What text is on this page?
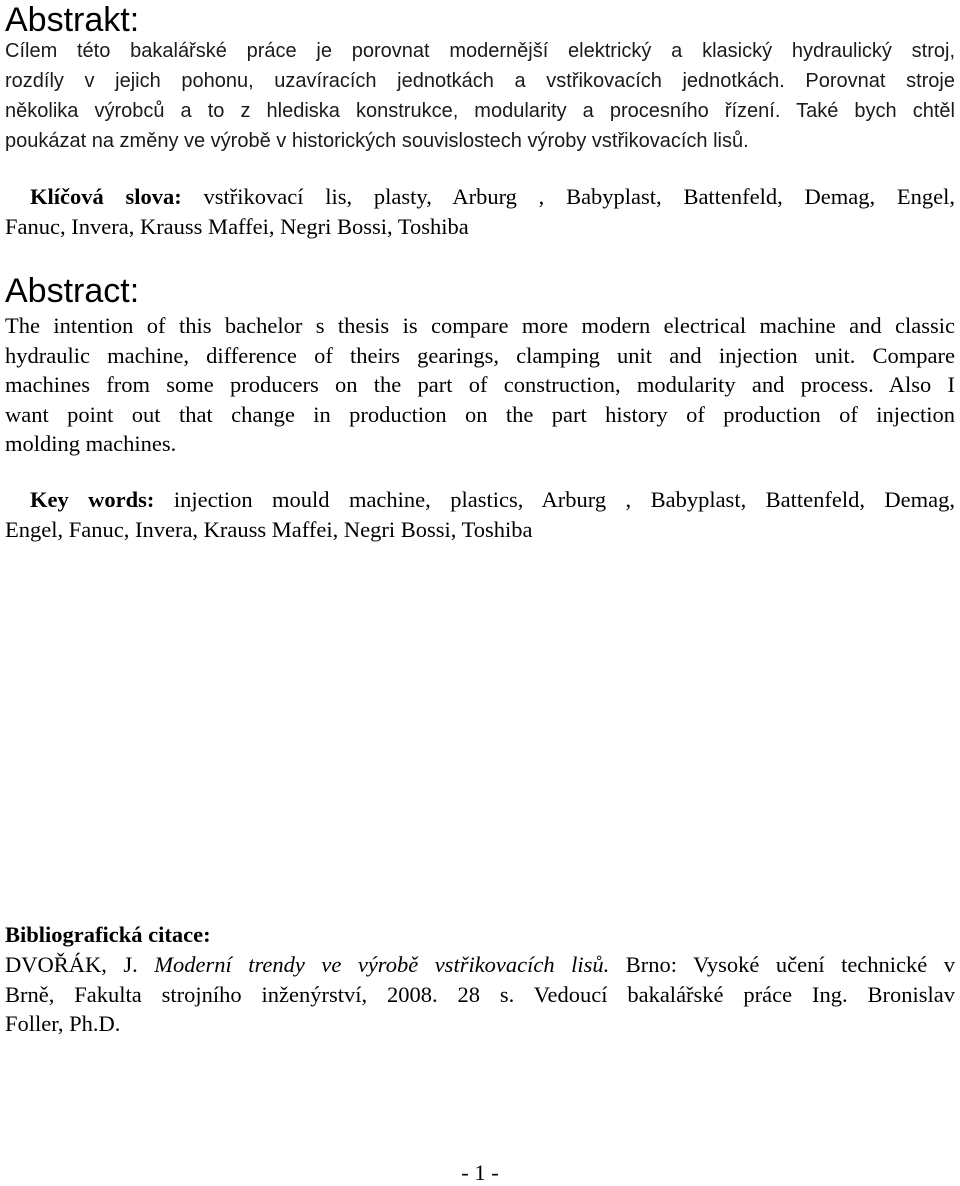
Abstrakt:
Cílem této bakalářské práce je porovnat modernější elektrický a klasický hydraulický stroj,
rozdíly v jejich pohonu, uzavíracích jednotkách a vstřikovacích jednotkách. Porovnat stroje
několika výrobců a to z hlediska konstrukce, modularity a procesního řízení. Také bych chtěl
poukázat na změny ve výrobě v historických souvislostech výroby vstřikovacích lisů.
Klíčová slova: vstřikovací lis, plasty, Arburg , Babyplast, Battenfeld, Demag, Engel,
Fanuc, Invera, Krauss Maffei, Negri Bossi, Toshiba
Abstract:
The intention of this bachelor s thesis is compare more modern electrical machine and classic
hydraulic machine, difference of theirs gearings, clamping unit and injection unit. Compare
machines from some producers on the part of construction, modularity and process. Also I
want point out that change in production on the part history of production of injection
molding machines.
Key words: injection mould machine, plastics, Arburg , Babyplast, Battenfeld, Demag,
Engel, Fanuc, Invera, Krauss Maffei, Negri Bossi, Toshiba
Bibliografická citace:
DVOŘÁK, J. Moderní trendy ve výrobě vstřikovacích lisů. Brno: Vysoké učení technické v
Brně, Fakulta strojního inženýrství, 2008. 28 s. Vedoucí bakalářské práce Ing. Bronislav
Foller, Ph.D.
- 1 -
